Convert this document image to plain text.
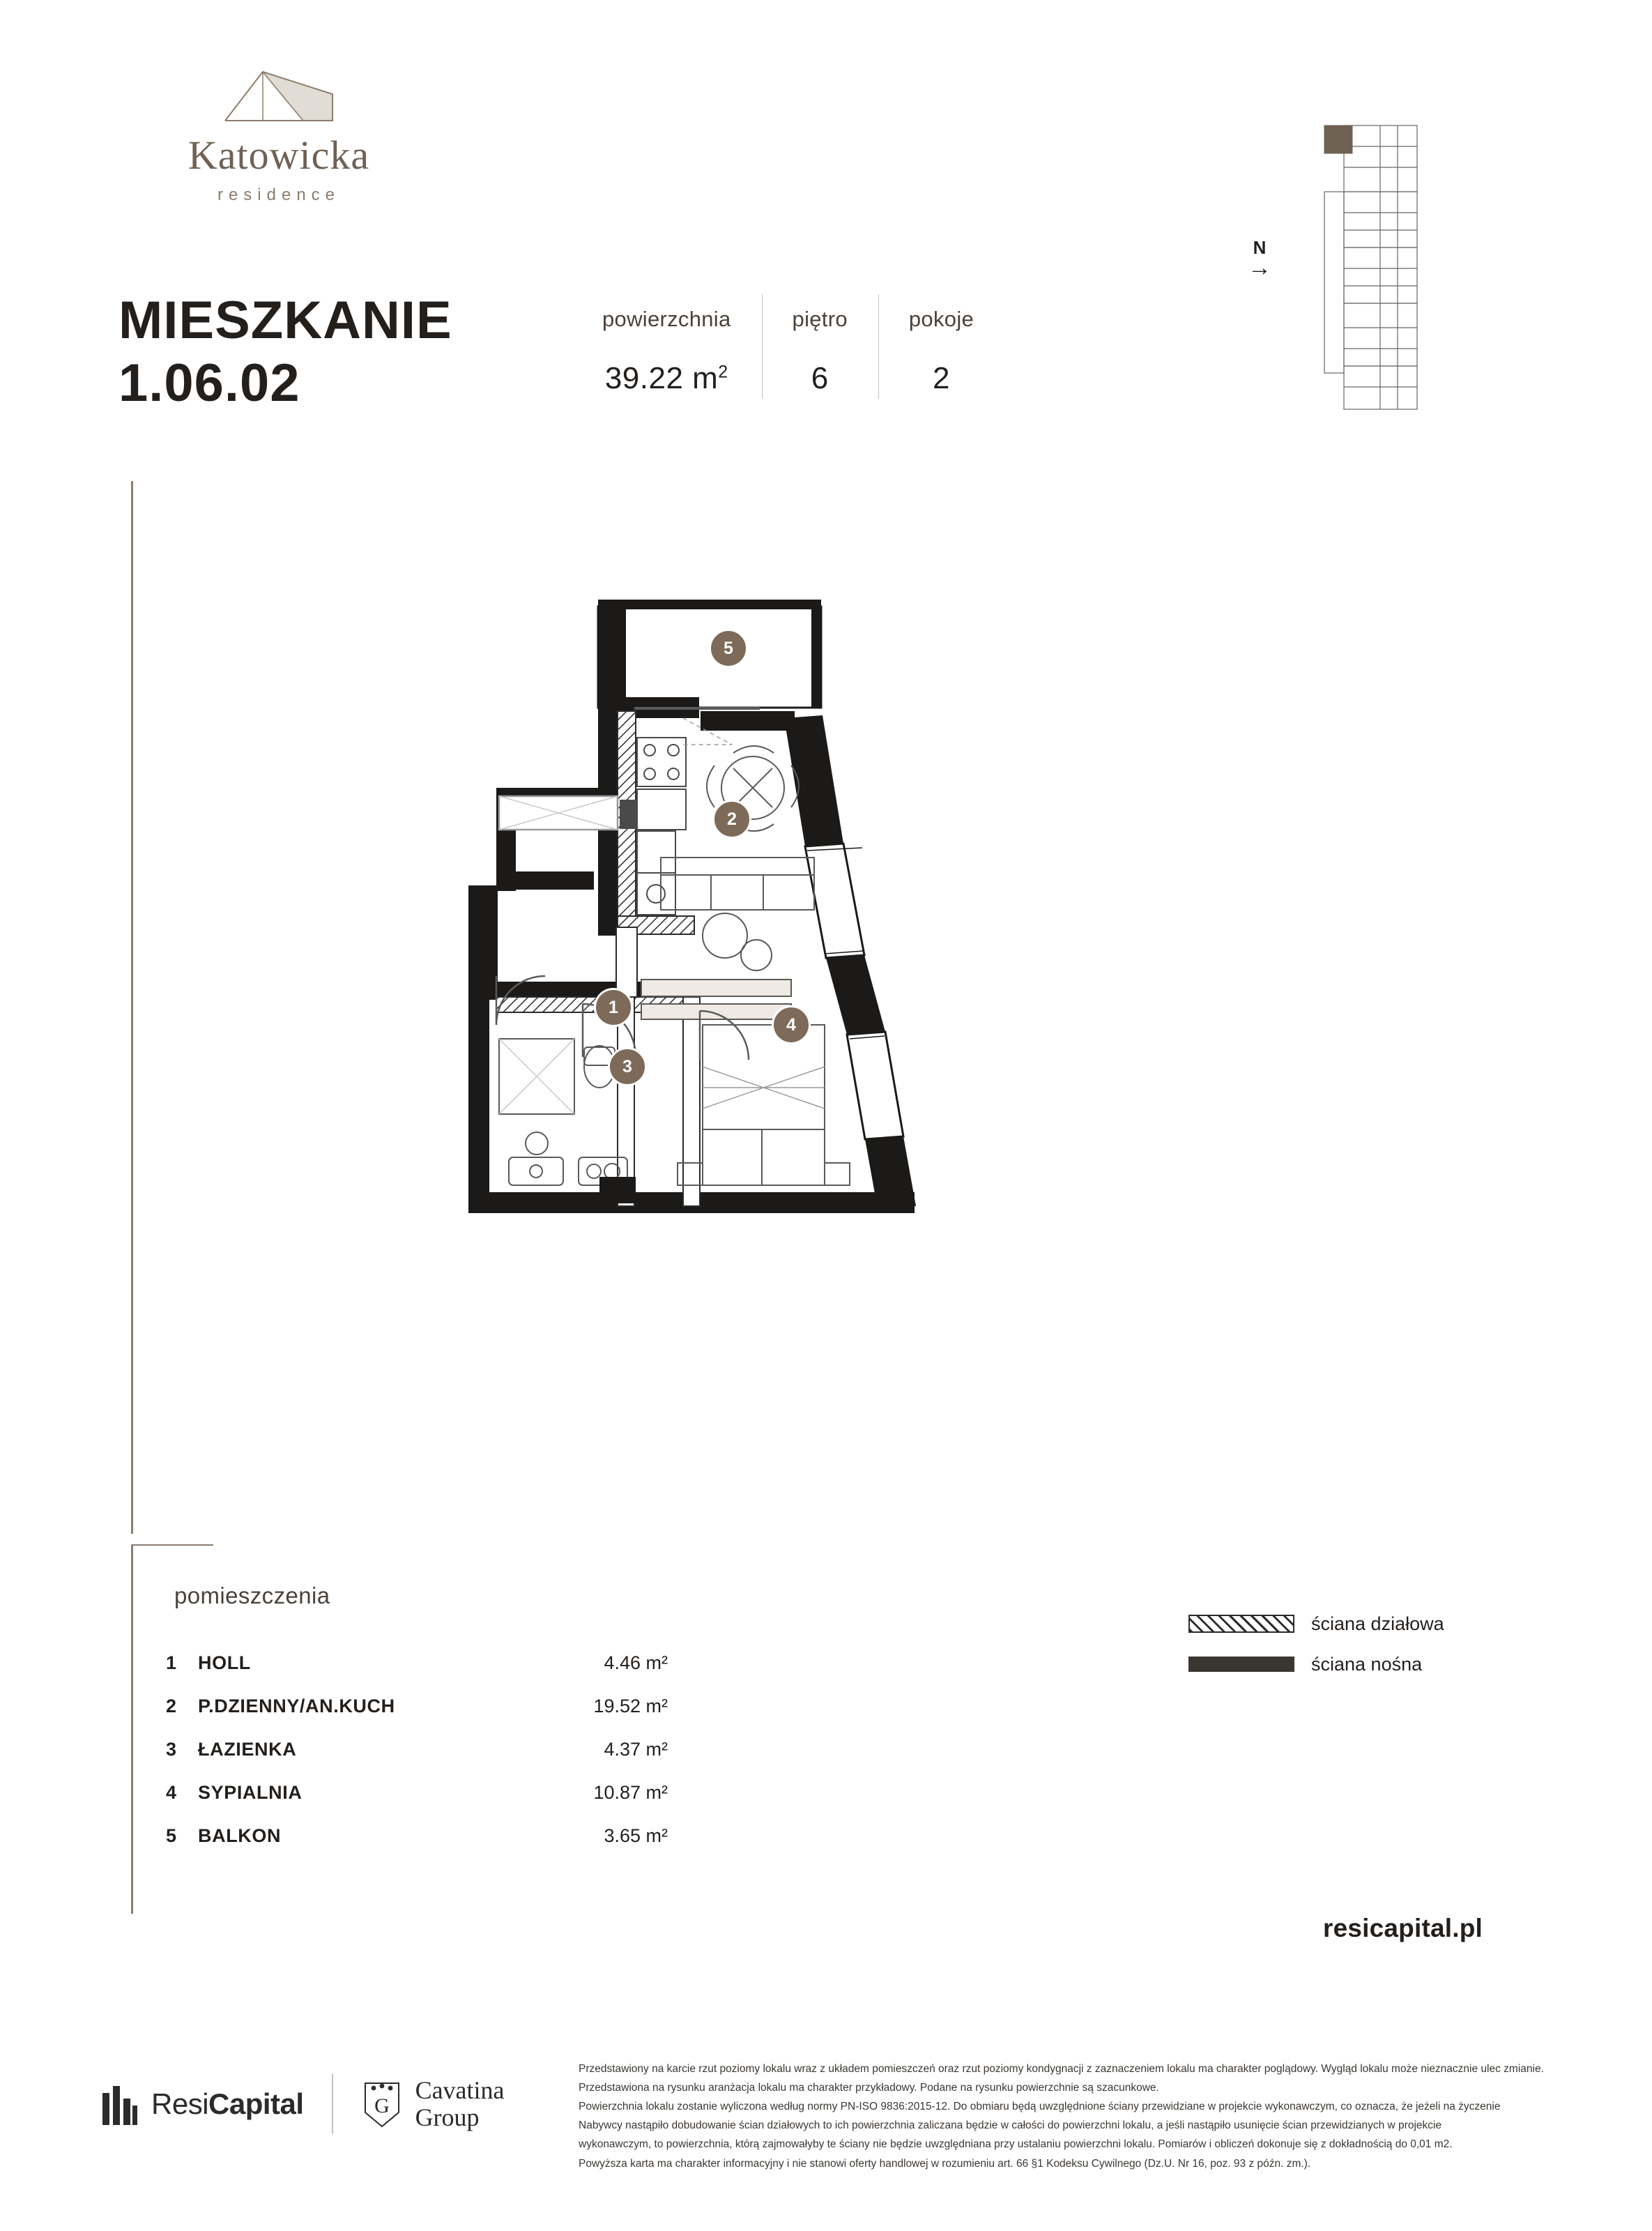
Katowicka
residence
MIESZKANIE
1.06.02
powierzchnia
39.22 $m^2$
piętro
6
pokoje
2
N
→
5
2
1
3
4
pomieszczenia
1	HOLL	4.46 m²
2	P.DZIENNY/AN.KUCH	19.52 m²
3	ŁAZIENKA	4.37 m²
4	SYPIALNIA	10.87 m²
5	BALKON	3.65 m²
ściana działowa
ściana nośna
resicapital.pl
ResiCapital	G
Cavatina
Group

Przedstawiony na karcie rzut poziomy lokalu wraz z układem pomieszczeń oraz rzut poziomy kondygnacji z zaznaczeniem lokalu ma charakter poglądowy. Wygląd lokalu może nieznacznie ulec zmianie.

Przedstawiona na rysunku aranżacja lokalu ma charakter przykładowy. Podane na rysunku powierzchnie są szacunkowe.

Powierzchnia lokalu zostanie wyliczona według normy PN-ISO 9836:2015-12. Do obmiaru będą uwzględnione ściany przewidziane w projekcie wykonawczym, co oznacza, że jeżeli na życzenie

Nabywcy nastąpiło dobudowanie ścian działowych to ich powierzchnia zaliczana będzie w całości do powierzchni lokalu, a jeśli nastąpiło usunięcie ścian przewidzianych w projekcie

wykonawczym, to powierzchnia, którą zajmowałyby te ściany nie będzie uwzględniana przy ustalaniu powierzchni lokalu. Pomiarów i obliczeń dokonuje się z dokładnością do 0,01 m2.

Powyższa karta ma charakter informacyjny i nie stanowi oferty handlowej w rozumieniu art. 66 §1 Kodeksu Cywilnego (Dz.U. Nr 16, poz. 93 z późn. zm.).
